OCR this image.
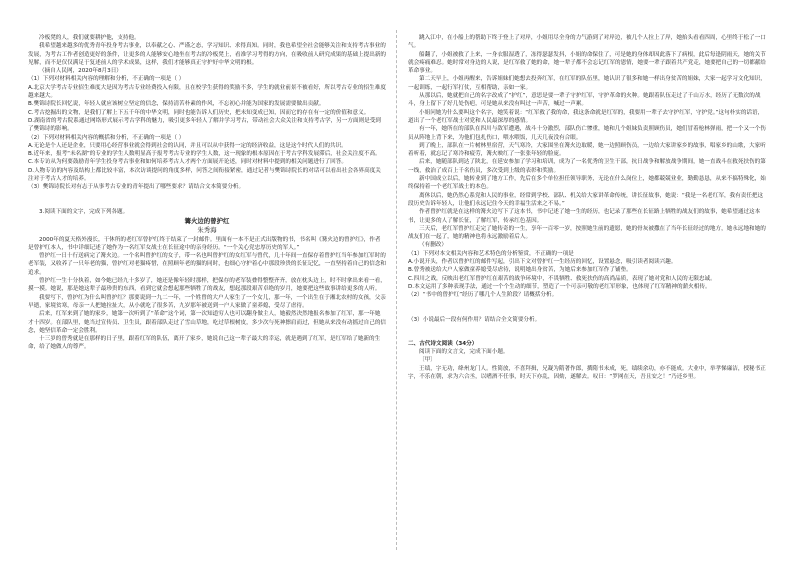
冷板凳的人，我们就要耕护他，支持他。

我希望越来越多的优秀青年投身考古事业，以奉献之心、严谨之态，学习知识、求得真知。同时，我也希望全社会能够关注和支持考古事业的发展，为考古工作者创造更好的条件，让更多的人能够安心地坐在考古的冷板凳上，看准学习考得的方向，在吸收前人研究成果的基础上提出新的见解，而不是仅仅满足于复述前人的学术成果，这样，我们才能够真正守护好中华文明的根。

（摘自人民网，2020年8月3日）

（1）下列对材料相关内容的理解和分析，不正确的一项是（ ）

A.北京大学考古专业招生难度大是因为考古专业经费投入有限，且在校学生获得的奖励不多，学生的就业前景不被看好，所以考古专业的招生难度越来越大。

B.樊锦诗院长回忆说，年轻人就应该树立坚定的信念，保持清苦朴素的作风，不忘初心并能为国家的发展需要做出贡献。

C.考古挖掘出的文物，是我们了解上下五千年的中华文明，同时也能告诉人们历史，把未知变成已知，因而它的存在有一定的价值和意义。

D.湖南省的考古院系通过网络形式展示考古学科的魅力，吸引更多年轻人了解并学习考古，带动社会大众关注和支持考古学，另一方面则是受到了樊锦诗的影响。

（2）下列对材料相关内容的概括和分析，不正确的一项是（ ）

A.无论是个人还是企业，只要用心经营事业就会得到社会的认同，并且可以从中获得一定的经济收益，这是这个时代人们的共识。

B.近年来，报考“未名湖”的专业的学生人数明显高于报考考古专业的学生人数，这一现象的根本原因在于考古学科发展滞后，社会关注度不高。

C.本专访从为何要鼓励青年学生投身考古事业和如何培养考古人才两个方面展开论述，同时对材料中提到的相关问题进行了回答。

D.人物专访的内容及结构上都比较丰富，本次访谈提问的角度多样，问答之间衔接紧密，通过记者与樊锦诗院长的对话可以看出社会各界高度关注对于考古人才的培养。

（3）樊锦诗院长对有志于从事考古专业的青年提出了哪些要求？请结合文本简要分析。

3.阅读下面的文字，完成下列各题。

篝火边的曾护红

朱秀海

2000年的夏天格外漫长，干休所的老红军曾护红终于结束了一封邮件。里面有一本不是正式出版物的书，书名叫《篝火边的曾护红》，作者是曾护红本人，书中详细记述了她作为一名红军女战士在长征途中的亲身经历。“一个关心党忠厚历史的军人。”

曾护红一日十行送病完了篝火边。一个名叫曾护红的女子，带一名也叫曾护红的女红军与曾代，几十年间一直保存着曾护红当年参加红军时的老军装，又收养了一只年老的猫，曾护红对老猫疼惜，在照顾年老的猫的同时，也细心守护着心中那段珍贵的长征记忆，一直坚持着自己的信念和追求。

曾护红一生十分执着，如今她已经九十多岁了，她还是像年轻时那样，把保存的老军装叠得整整齐齐，放在枕头边上，时不时拿出来看一看，摸一摸。她说，那是她这辈子最珍贵的东西，看到它就会想起那些牺牲了的战友，想起那段艰苦卓绝的岁月，她要把这些故事讲给更多的人听。

我要写下，曾护红为什么叫曾护红？那要说到一九二一年，一个姓曾的大户人家生了一个女儿，那一年，一个出生在于湘北农村的女孩，父亲早逝，家境贫寒，母亲一人把她拉扯大，从小就吃了很多苦，九岁那年被送到一户人家做了童养媳，受尽了虐待。

后来，红军来到了她的家乡，她第一次听到了“革命”这个词，第一次知道穷人也可以翻身做主人，她毅然决然地报名参加了红军，那一年她才十四岁。在部队里，她当过宣传员、卫生员，跟着部队走过了雪山草地，吃过草根树皮，多少次与死神擦肩而过，但她从来没有动摇过自己的信念，她坚信革命一定会胜利。

十三岁的曾秀就是在那样的日子里，跟着红军的队伍，离开了家乡，她说自己这一辈子最大的幸运，就是遇到了红军，是红军给了她新的生命，给了她做人的尊严。

跳入江中，在小船上的帮助下终于登上了对岸，小姐用尽全身的力气游到了对岸边，被几个人拉上了岸，她抬头看看四周，心里终于松了一口气。

船翻了，小姐被救了上来，一身衣服湿透了，冻得瑟瑟发抖，小姐的命保住了，可是她的身体却因此落下了病根，此后每逢阴雨天，她的关节就会疼痛难忍。她时常对身边的人说，是红军救了她的命，她一辈子都不会忘记红军的恩情，她要一辈子跟着共产党走，她要把自己的一切都献给革命事业。

第二天早上，小姐再醒来，告诉姐妹们她想去投奔红军，在红军的队伍里，她认识了很多和她一样出身贫苦的姐妹，大家一起学习文化知识，一起训练，一起行军打仗，互相帮助，亲如一家。

从那以后，她就把自己的名字改成了“护红”，意思是要一辈子守护红军，守护革命的火种。她跟着队伍走过了千山万水，经历了无数次的战斗，身上留下了好几处伤疤，可是她从来没有叫过一声苦，喊过一声累。

小姐问她为什么要叫这个名字，她笑着说：“红军救了我的命，我这条命就是红军的，我要用一辈子去守护红军，守护党。”这句朴实的话语，道出了一个老红军战士对党和人民最深厚的感情。

有一年，她所在的部队在四川与敌军遭遇，战斗十分激烈，部队伤亡惨重，她和几个姐妹负责照顾伤员，她们冒着枪林弹雨，把一个又一个伤员从阵地上背下来，为他们包扎伤口，喂水喂饭，几天几夜没有合眼。

到了晚上，部队在一片树林里宿营，天气寒冷，大家围坐在篝火边取暖，她一边照顾伤员，一边给大家讲家乡的故事，唱家乡的山歌，大家听着听着，就忘记了寒冷和疲劳，篝火映红了一张张年轻的脸庞。

后来，她随部队到达了陕北，在延安参加了学习和培训，成为了一名优秀的卫生干部，抗日战争和解放战争期间，她一直战斗在救死扶伤的第一线，救治了成百上千名伤员，多次受到上级的表彰和奖励。

新中国成立以后，她转业到了地方工作，先后在多个单位担任领导职务，无论在什么岗位上，她都兢兢业业，勤勤恳恳，从来不搞特殊化，始终保持着一个老红军战士的本色。

离休以后，她仍然心系党和人民的事业，经常到学校、部队、机关给大家讲革命传统，讲长征故事，她说：“我是一名老红军，我有责任把这段历史告诉年轻人，让他们永远记住今天的幸福生活来之不易。”

作者曾护红就是在这样的篝火边写下了这本书，书中记述了她一生的经历，也记录了那些在长征路上牺牲的战友们的故事，她希望通过这本书，让更多的人了解长征，了解红军，传承红色基因。

三天后，老红军曾护红走完了她传奇的一生，享年一百零一岁，按照她生前的遗愿，她的骨灰被撒在了当年长征经过的地方，她永远地和她的战友们在一起了，她的精神也将永远激励着后人。

（有删改）

（1）下列对本文相关内容和艺术特色的分析鉴赏，不正确的一项是

A.小说开头，作者以曾护红的邮件写起，引出下文对曾护红一生经历的回忆，设置悬念，吸引读者阅读兴趣。

B.曾秀被送给大户人家做童养媳受尽虐待，说明她出身贫苦，为她后来参加红军作了铺垫。

C.四川之战，反映出老红军曾护红在艰苦的战争环境中，不畏牺牲、救死扶伤的高尚品质，表现了她对党和人民的无限忠诚。

D.本文运用了多种表现手法，通过一个个生动的细节，塑造了一个可亲可敬的老红军形象，也体现了红军精神的薪火相传。

（2）“书中的曾护红”经历了哪几个人生阶段？请概括分析。

（3）小说最后一段有何作用？请结合全文简要分析。

二、古代诗文阅读（34分）

阅读下面的文言文，完成下面小题。

〔甲〕

王绩，字无功，绛州龙门人。性简放，不喜拜揖，兄凝为隋著作郎，撰隋书未成，死，绩续余功，亦不能成。大业中，举孝悌廉洁，授秘书正字，不乐在朝，求为六合丞，以嗜酒不任事，时天下亦乱，因劾，遂解去。叹曰：“罗网在天，吾且安之！”乃还乡里。
